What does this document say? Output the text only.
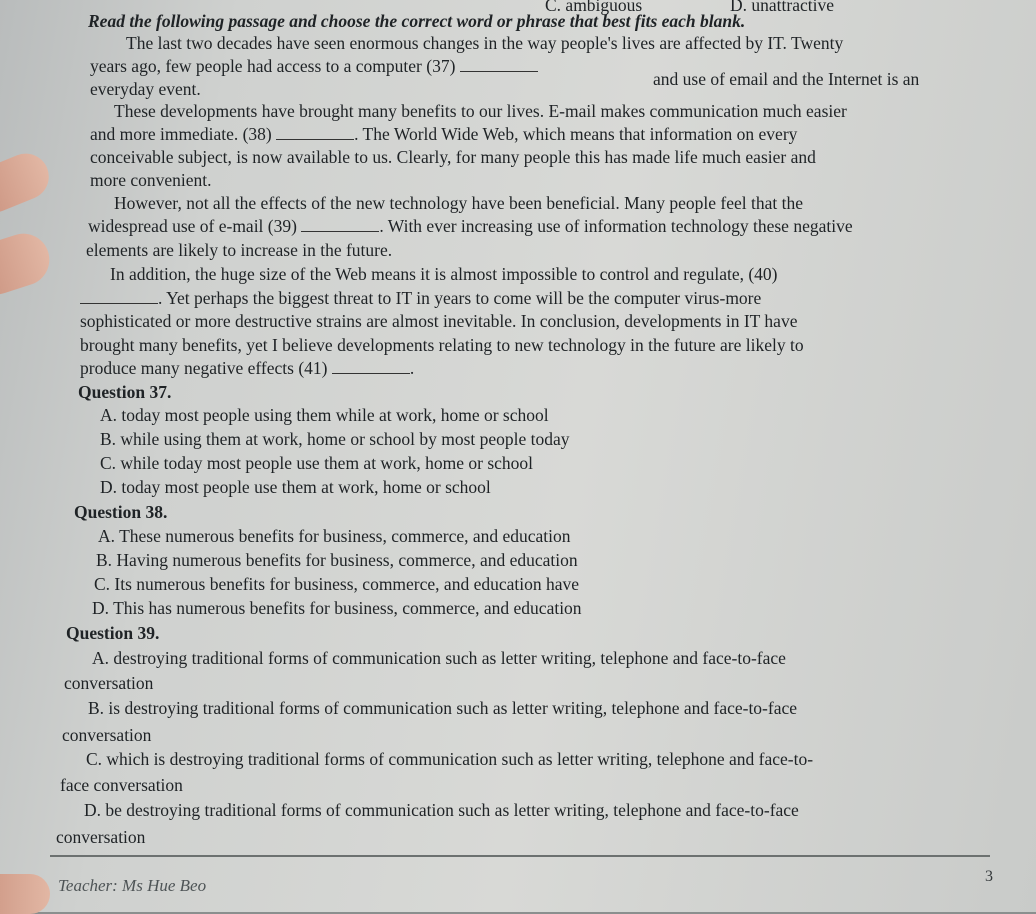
C. ambiguous	D. unattractive
Read the following passage and choose the correct word or phrase that best fits each blank.
The last two decades have seen enormous changes in the way people's lives are affected by IT. Twenty
years ago, few people had access to a computer (37)
and use of email and the Internet is an
everyday event.
These developments have brought many benefits to our lives. E-mail makes communication much easier
and more immediate. (38)	. The World Wide Web, which means that information on every
conceivable subject, is now available to us. Clearly, for many people this has made life much easier and
more convenient.
However, not all the effects of the new technology have been beneficial. Many people feel that the
widespread use of e-mail (39)	. With ever increasing use of information technology these negative
elements are likely to increase in the future.
In addition, the huge size of the Web means it is almost impossible to control and regulate, (40)
. Yet perhaps the biggest threat to IT in years to come will be the computer virus-more
sophisticated or more destructive strains are almost inevitable. In conclusion, developments in IT have
brought many benefits, yet I believe developments relating to new technology in the future are likely to
produce many negative effects (41)	.
Question 37.
A. today most people using them while at work, home or school
B. while using them at work, home or school by most people today
C. while today most people use them at work, home or school
D. today most people use them at work, home or school
Question 38.
A. These numerous benefits for business, commerce, and education
B. Having numerous benefits for business, commerce, and education
C. Its numerous benefits for business, commerce, and education have
D. This has numerous benefits for business, commerce, and education
Question 39.
A. destroying traditional forms of communication such as letter writing, telephone and face-to-face
conversation
B. is destroying traditional forms of communication such as letter writing, telephone and face-to-face
conversation
C. which is destroying traditional forms of communication such as letter writing, telephone and face-to-
face conversation
D. be destroying traditional forms of communication such as letter writing, telephone and face-to-face
conversation
Teacher: Ms Hue Beo	3
